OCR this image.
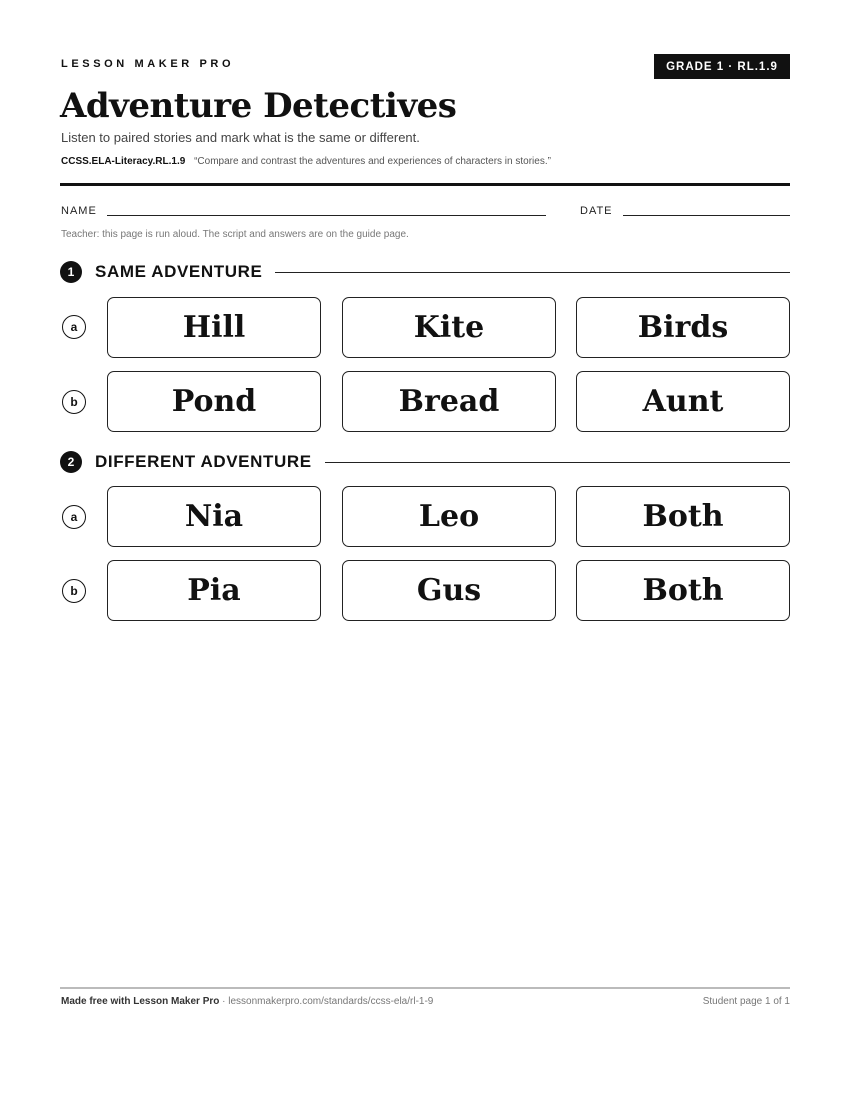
LESSON MAKER PRO	GRADE 1 · RL.1.9
Adventure Detectives
Listen to paired stories and mark what is the same or different.
CCSS.ELA-Literacy.RL.1.9 “Compare and contrast the adventures and experiences of characters in stories.”
NAME	DATE
Teacher: this page is run aloud. The script and answers are on the guide page.
1	SAME ADVENTURE
a	Hill	Kite	Birds
b	Pond	Bread	Aunt
2	DIFFERENT ADVENTURE
a	Nia	Leo	Both
b	Pia	Gus	Both
Made free with Lesson Maker Pro · lessonmakerpro.com/standards/ccss-ela/rl-1-9	Student page 1 of 1
